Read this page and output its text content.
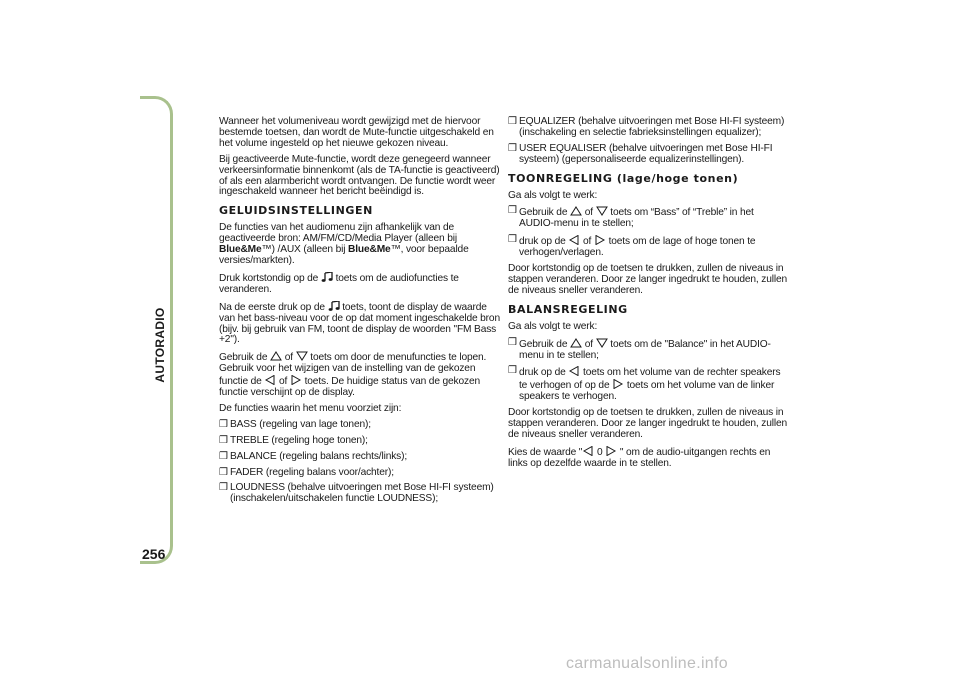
AUTORADIO
256

Wanneer het volumeniveau wordt gewijzigd met de hiervoor bestemde toetsen, dan wordt de Mute-functie uitgeschakeld en het volume ingesteld op het nieuwe gekozen niveau.

Bij geactiveerde Mute-functie, wordt deze genegeerd wanneer verkeersinformatie binnenkomt (als de TA-functie is geactiveerd) of als een alarmbericht wordt ontvangen. De functie wordt weer ingeschakeld wanneer het bericht beëindigd is.

GELUIDSINSTELLINGEN

De functies van het audiomenu zijn afhankelijk van de geactiveerde bron: AM/FM/CD/Media Player (alleen bij Blue&Me™) /AUX (alleen bij Blue&Me™, voor bepaalde versies/markten).

Druk kortstondig op de  toets om de audiofuncties te veranderen.

Na de eerste druk op de  toets, toont de display de waarde van het bass-niveau voor de op dat moment ingeschakelde bron (bijv. bij gebruik van FM, toont de display de woorden "FM Bass +2").

Gebruik de  of  toets om door de menufuncties te lopen. Gebruik voor het wijzigen van de instelling van de gekozen functie de  of  toets. De huidige status van de gekozen functie verschijnt op de display.

De functies waarin het menu voorziet zijn:

❒ BASS (regeling van lage tonen);
❒ TREBLE (regeling hoge tonen);
❒ BALANCE (regeling balans rechts/links);
❒ FADER (regeling balans voor/achter);
❒ LOUDNESS (behalve uitvoeringen met Bose HI-FI systeem) (inschakelen/uitschakelen functie LOUDNESS);
❒ EQUALIZER (behalve uitvoeringen met Bose HI-FI systeem) (inschakeling en selectie fabrieksinstellingen equalizer);
❒ USER EQUALISER (behalve uitvoeringen met Bose HI-FI systeem) (gepersonaliseerde equalizerinstellingen).
TOONREGELING (lage/hoge tonen)

Ga als volgt te werk:

❒ Gebruik de  of  toets om “Bass” of “Treble” in het AUDIO-menu in te stellen;
❒ druk op de  of  toets om de lage of hoge tonen te verhogen/verlagen.

Door kortstondig op de toetsen te drukken, zullen de niveaus in stappen veranderen. Door ze langer ingedrukt te houden, zullen de niveaus sneller veranderen.

BALANSREGELING

Ga als volgt te werk:

❒ Gebruik de  of  toets om de "Balance" in het AUDIO-menu in te stellen;
❒ druk op de  toets om het volume van de rechter speakers te verhogen of op de  toets om het volume van de linker speakers te verhogen.

Door kortstondig op de toetsen te drukken, zullen de niveaus in stappen veranderen. Door ze langer ingedrukt te houden, zullen de niveaus sneller veranderen.

Kies de waarde " 0  " om de audio-uitgangen rechts en links op dezelfde waarde in te stellen.

carmanualsonline.info
